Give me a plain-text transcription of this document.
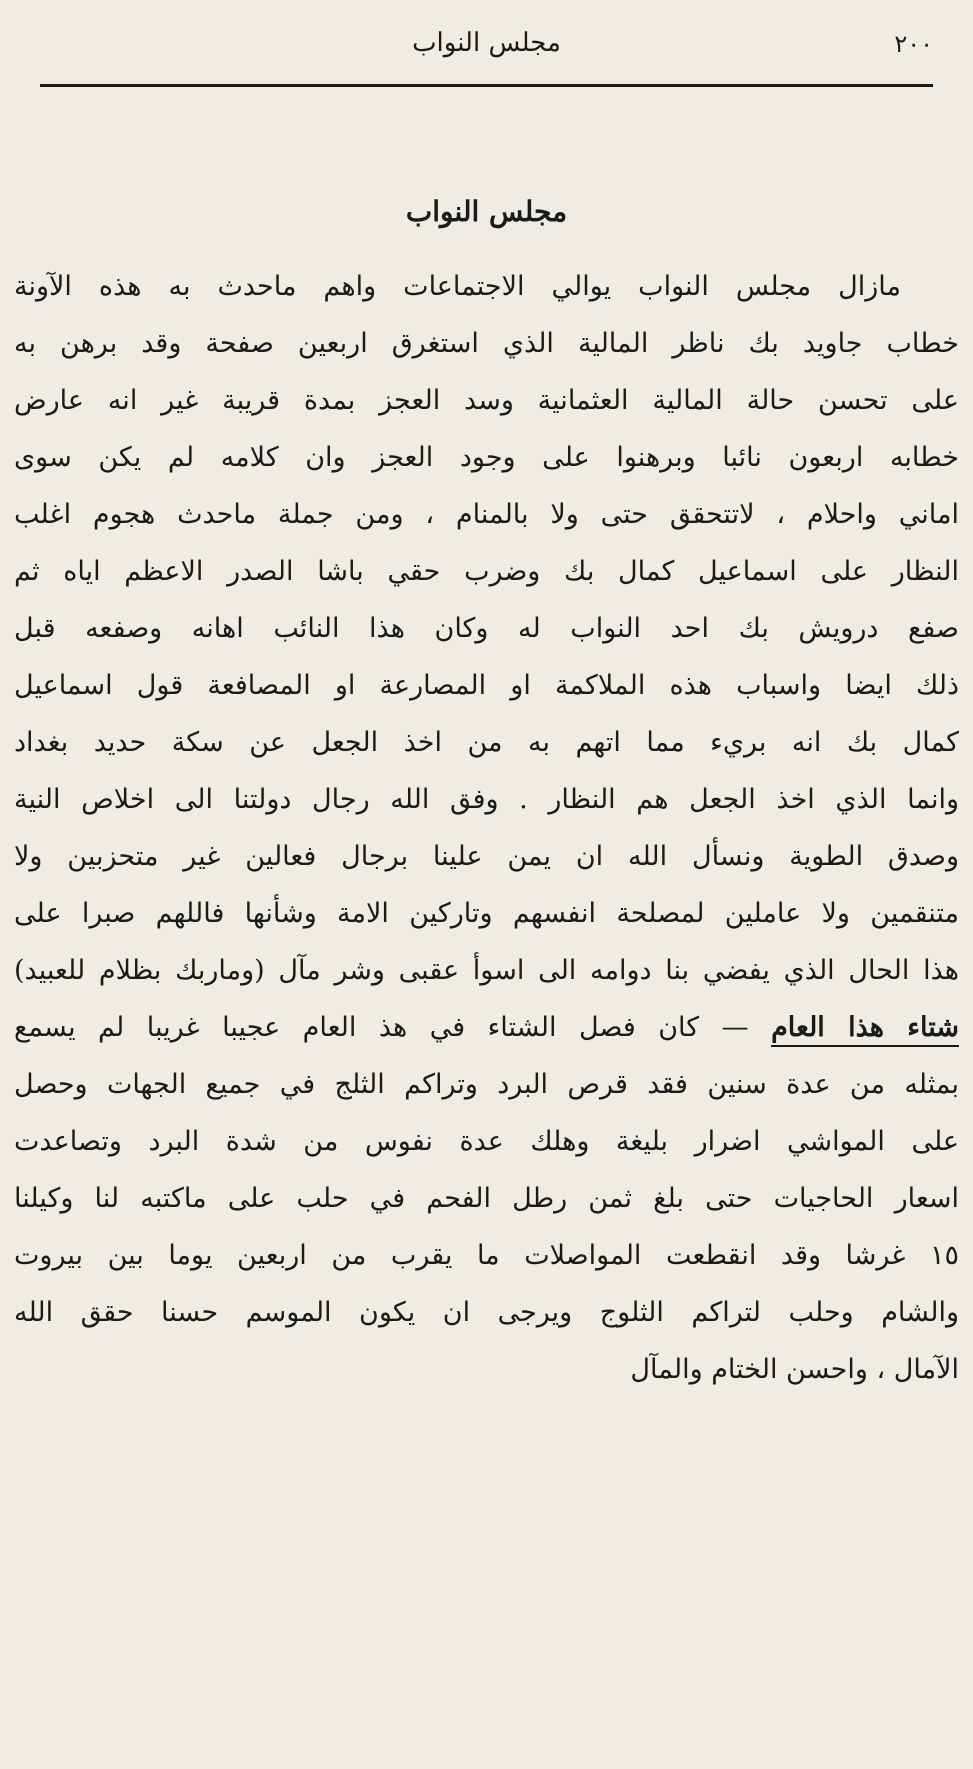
٢٠٠
مجلس النواب
مجلس النواب
مازال مجلس النواب يوالي الاجتماعات واهم ماحدث به هذه الآونة
خطاب جاويد بك ناظر المالية الذي استغرق اربعين صفحة وقد برهن به
على تحسن حالة المالية العثمانية وسد العجز بمدة قريبة غير انه عارض
خطابه اربعون نائبا وبرهنوا على وجود العجز وان كلامه لم يكن سوى
اماني واحلام ، لاتتحقق حتى ولا بالمنام ، ومن جملة ماحدث هجوم اغلب
النظار على اسماعيل كمال بك وضرب حقي باشا الصدر الاعظم اياه ثم
صفع درويش بك احد النواب له وكان هذا النائب اهانه وصفعه قبل
ذلك ايضا واسباب هذه الملاكمة او المصارعة او المصافعة قول اسماعيل
كمال بك انه بريء مما اتهم به من اخذ الجعل عن سكة حديد بغداد
وانما الذي اخذ الجعل هم النظار . وفق الله رجال دولتنا الى اخلاص النية
وصدق الطوية ونسأل الله ان يمن علينا برجال فعالين غير متحزبين ولا
متنقمين ولا عاملين لمصلحة انفسهم وتاركين الامة وشأنها فاللهم صبرا على
هذا الحال الذي يفضي بنا دوامه الى اسوأ عقبى وشر مآل (وماربك بظلام للعبيد)
شتاء هذا العام — كان فصل الشتاء في هذ العام عجيبا غريبا لم يسمع
بمثله من عدة سنين فقد قرص البرد وتراكم الثلج في جميع الجهات وحصل
على المواشي اضرار بليغة وهلك عدة نفوس من شدة البرد وتصاعدت
اسعار الحاجيات حتى بلغ ثمن رطل الفحم في حلب على ماكتبه لنا وكيلنا
١٥ غرشا وقد انقطعت المواصلات ما يقرب من اربعين يوما بين بيروت
والشام وحلب لتراكم الثلوج ويرجى ان يكون الموسم حسنا حقق الله
الآمال ، واحسن الختام والمآل
